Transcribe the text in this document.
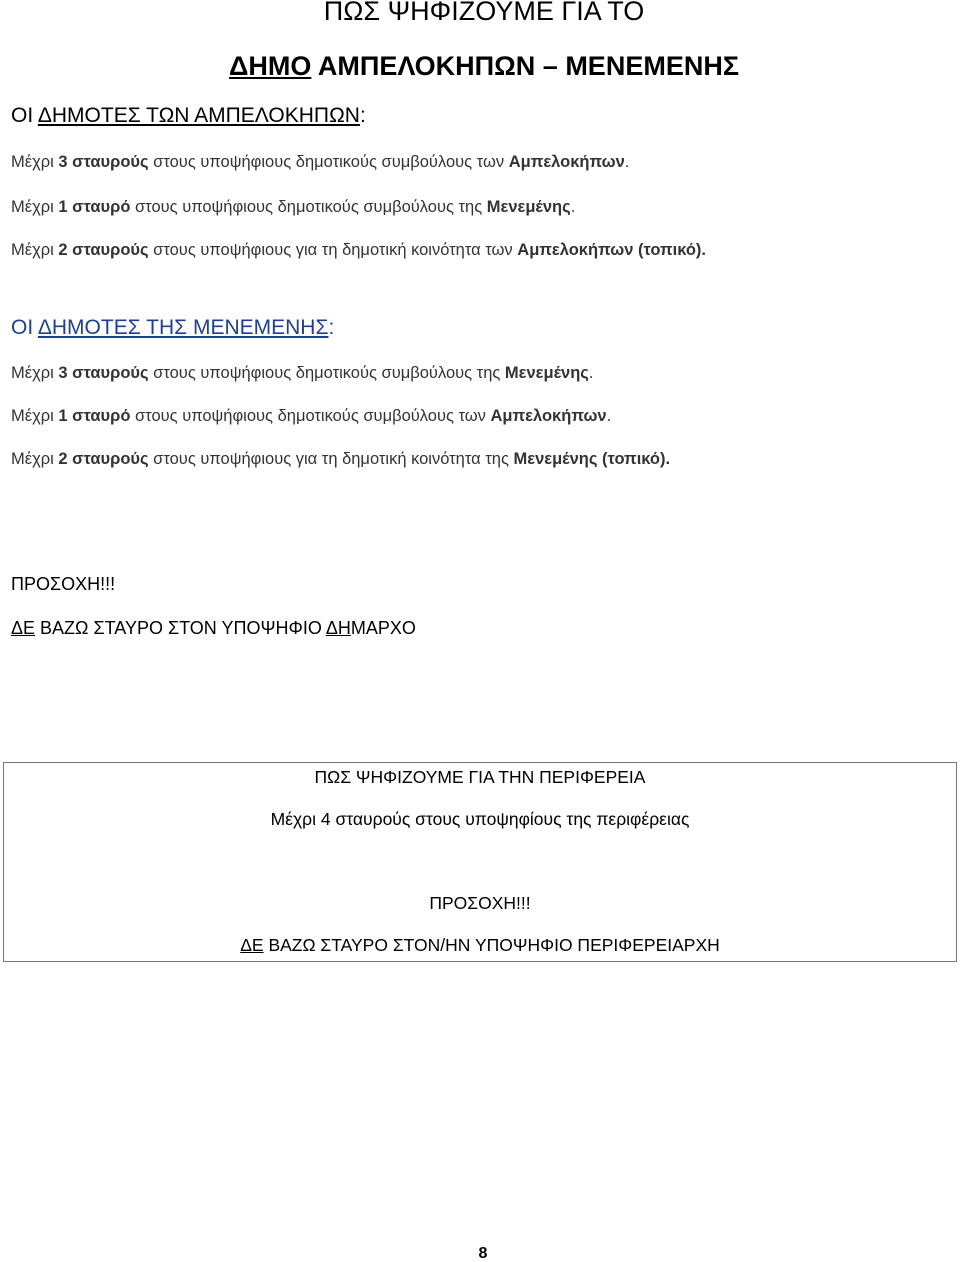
ΠΩΣ ΨΗΦΙΖΟΥΜΕ ΓΙΑ ΤΟ
ΔΗΜΟ ΑΜΠΕΛΟΚΗΠΩΝ – ΜΕΝΕΜΕΝΗΣ
ΟΙ ΔΗΜΟΤΕΣ ΤΩΝ ΑΜΠΕΛΟΚΗΠΩΝ:
Μέχρι 3 σταυρούς στους υποψήφιους δημοτικούς συμβούλους των Αμπελοκήπων.
Μέχρι 1 σταυρό στους υποψήφιους δημοτικούς συμβούλους της Μενεμένης.
Μέχρι 2 σταυρούς στους υποψήφιους για τη δημοτική κοινότητα των Αμπελοκήπων (τοπικό).
ΟΙ ΔΗΜΟΤΕΣ ΤΗΣ ΜΕΝΕΜΕΝΗΣ:
Μέχρι 3 σταυρούς στους υποψήφιους δημοτικούς συμβούλους της Μενεμένης.
Μέχρι 1 σταυρό στους υποψήφιους δημοτικούς συμβούλους των Αμπελοκήπων.
Μέχρι 2 σταυρούς στους υποψήφιους για τη δημοτική κοινότητα της Μενεμένης (τοπικό).
ΠΡΟΣΟΧΗ!!!
ΔΕ ΒΑΖΩ ΣΤΑΥΡΟ ΣΤΟΝ ΥΠΟΨΗΦΙΟ ΔΗΜΑΡΧΟ
ΠΩΣ ΨΗΦΙΖΟΥΜΕ ΓΙΑ ΤΗΝ ΠΕΡΙΦΕΡΕΙΑ
Μέχρι 4 σταυρούς στους υποψηφίους της περιφέρειας
ΠΡΟΣΟΧΗ!!!
ΔΕ ΒΑΖΩ ΣΤΑΥΡΟ ΣΤΟΝ/ΗΝ ΥΠΟΨΗΦΙΟ ΠΕΡΙΦΕΡΕΙΑΡΧΗ
8
